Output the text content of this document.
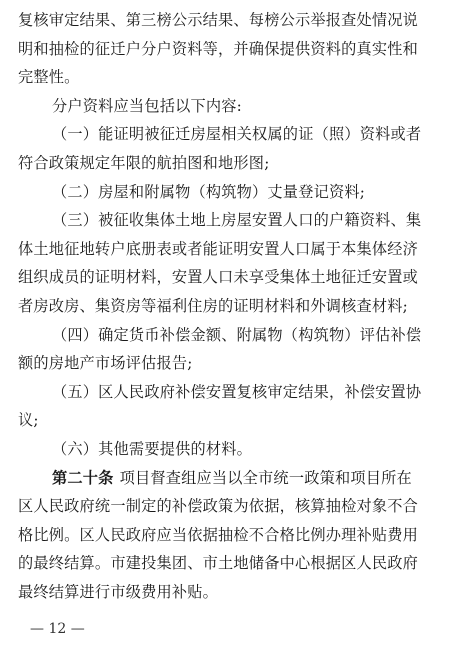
复核审定结果、第三榜公示结果、每榜公示举报查处情况说
明和抽检的征迁户分户资料等，并确保提供资料的真实性和
完整性。
分户资料应当包括以下内容:
（一）能证明被征迁房屋相关权属的证（照）资料或者
符合政策规定年限的航拍图和地形图;
（二）房屋和附属物（构筑物）丈量登记资料;
（三）被征收集体土地上房屋安置人口的户籍资料、集
体土地征地转户底册表或者能证明安置人口属于本集体经济
组织成员的证明材料，安置人口未享受集体土地征迁安置或
者房改房、集资房等福利住房的证明材料和外调核查材料;
（四）确定货币补偿金额、附属物（构筑物）评估补偿
额的房地产市场评估报告;
（五）区人民政府补偿安置复核审定结果，补偿安置协
议;
（六）其他需要提供的材料。
第二十条 项目督查组应当以全市统一政策和项目所在
区人民政府统一制定的补偿政策为依据，核算抽检对象不合
格比例。区人民政府应当依据抽检不合格比例办理补贴费用
的最终结算。市建投集团、市土地储备中心根据区人民政府
最终结算进行市级费用补贴。
— 12 —
